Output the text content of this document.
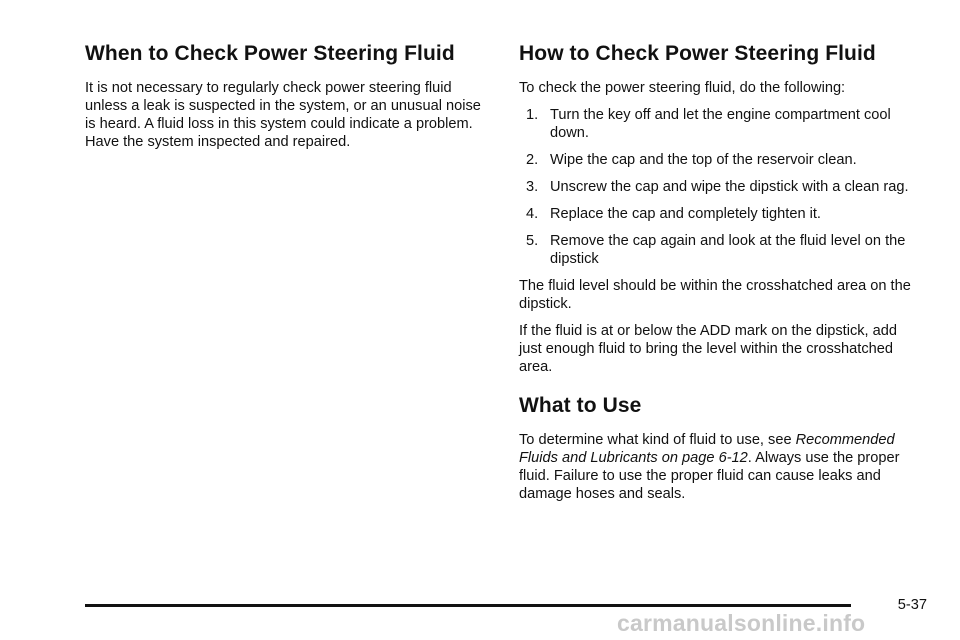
When to Check Power Steering Fluid

It is not necessary to regularly check power steering fluid unless a leak is suspected in the system, or an unusual noise is heard. A fluid loss in this system could indicate a problem. Have the system inspected and repaired.

How to Check Power Steering Fluid

To check the power steering fluid, do the following:

1. Turn the key off and let the engine compartment cool down.
2. Wipe the cap and the top of the reservoir clean.
3. Unscrew the cap and wipe the dipstick with a clean rag.
4. Replace the cap and completely tighten it.
5. Remove the cap again and look at the fluid level on the dipstick

The fluid level should be within the crosshatched area on the dipstick.

If the fluid is at or below the ADD mark on the dipstick, add just enough fluid to bring the level within the crosshatched area.

What to Use

To determine what kind of fluid to use, see Recommended Fluids and Lubricants on page 6-12. Always use the proper fluid. Failure to use the proper fluid can cause leaks and damage hoses and seals.

5-37
carmanualsonline.info
